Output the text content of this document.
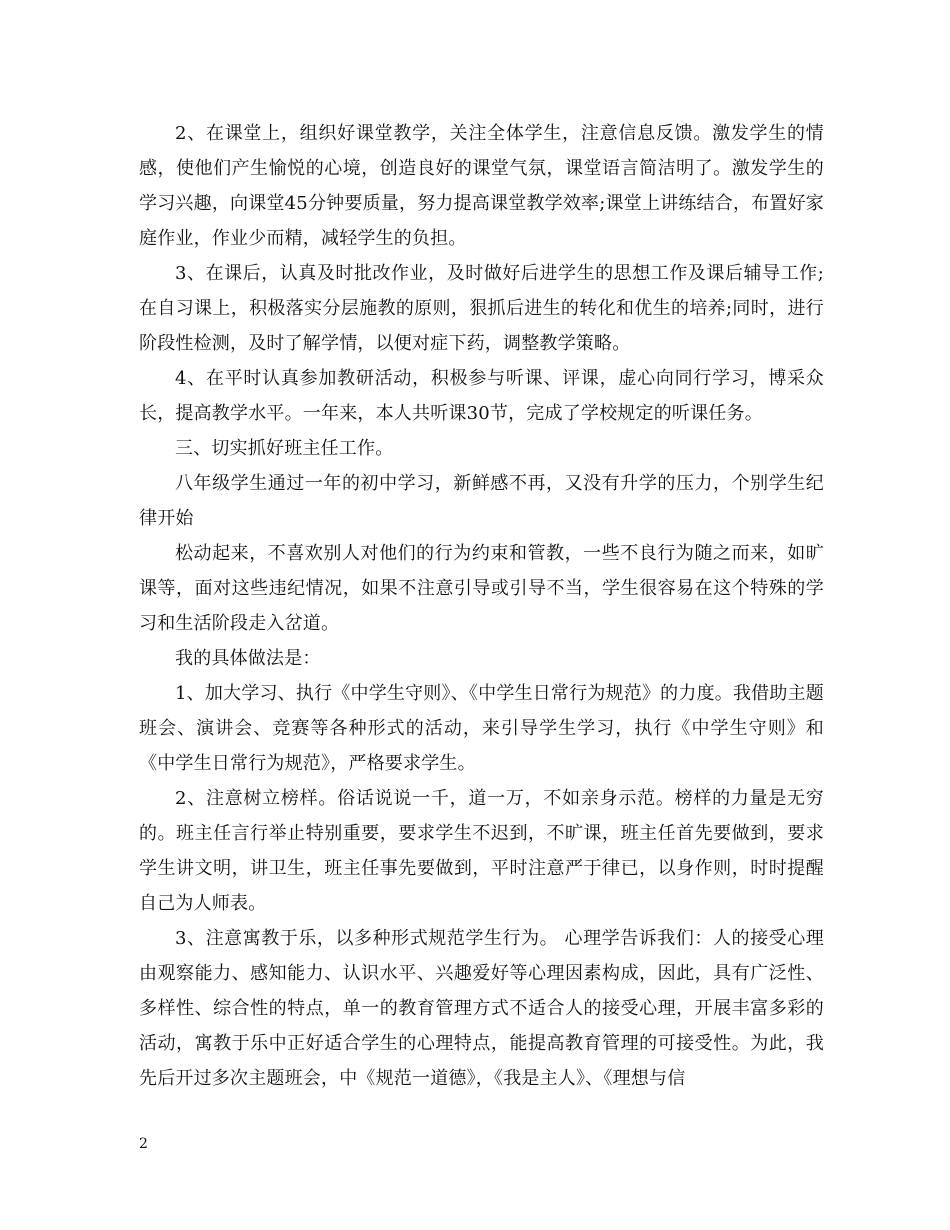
2、在课堂上，组织好课堂教学，关注全体学生，注意信息反馈。激发学生的情感，使他们产生愉悦的心境，创造良好的课堂气氛，课堂语言简洁明了。激发学生的学习兴趣，向课堂45分钟要质量，努力提高课堂教学效率;课堂上讲练结合，布置好家庭作业，作业少而精，减轻学生的负担。

3、在课后，认真及时批改作业，及时做好后进学生的思想工作及课后辅导工作;在自习课上，积极落实分层施教的原则，狠抓后进生的转化和优生的培养;同时，进行阶段性检测，及时了解学情，以便对症下药，调整教学策略。

4、在平时认真参加教研活动，积极参与听课、评课，虚心向同行学习，博采众长，提高教学水平。一年来，本人共听课30节，完成了学校规定的听课任务。

三、切实抓好班主任工作。

八年级学生通过一年的初中学习，新鲜感不再，又没有升学的压力，个别学生纪律开始

松动起来，不喜欢别人对他们的行为约束和管教，一些不良行为随之而来，如旷课等，面对这些违纪情况，如果不注意引导或引导不当，学生很容易在这个特殊的学习和生活阶段走入岔道。

我的具体做法是：

1、加大学习、执行《中学生守则》、《中学生日常行为规范》的力度。我借助主题班会、演讲会、竞赛等各种形式的活动，来引导学生学习，执行《中学生守则》和《中学生日常行为规范》，严格要求学生。

2、注意树立榜样。俗话说说一千，道一万，不如亲身示范。榜样的力量是无穷的。班主任言行举止特别重要，要求学生不迟到，不旷课，班主任首先要做到，要求学生讲文明，讲卫生，班主任事先要做到，平时注意严于律已，以身作则，时时提醒自己为人师表。

3、注意寓教于乐，以多种形式规范学生行为。 心理学告诉我们：人的接受心理由观察能力、感知能力、认识水平、兴趣爱好等心理因素构成，因此，具有广泛性、多样性、综合性的特点，单一的教育管理方式不适合人的接受心理，开展丰富多彩的活动，寓教于乐中正好适合学生的心理特点，能提高教育管理的可接受性。为此，我先后开过多次主题班会，中《规范一道德》，《我是主人》、《理想与信

2
